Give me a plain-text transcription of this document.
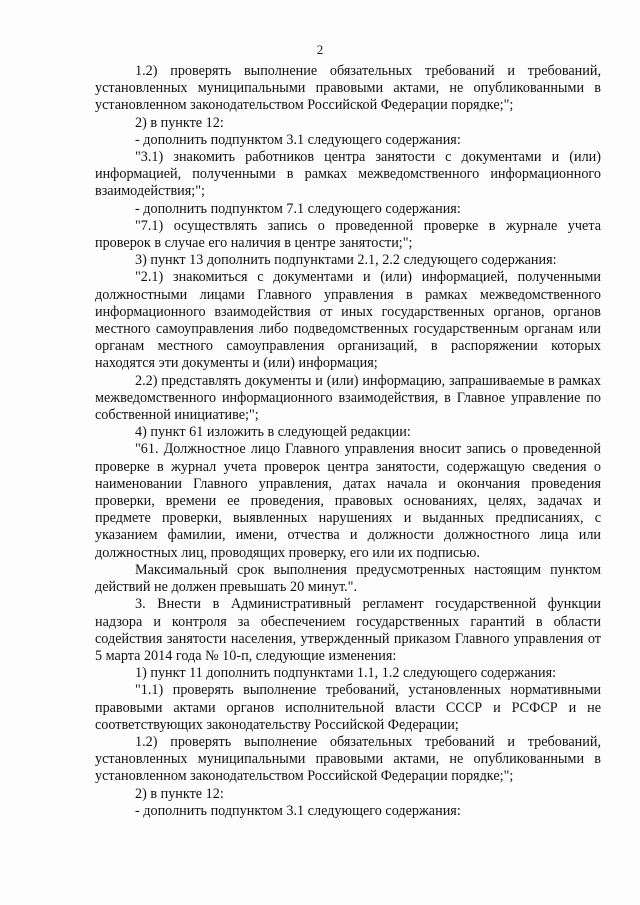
2

1.2) проверять выполнение обязательных требований и требований, установленных муниципальными правовыми актами, не опубликованными в установленном законодательством Российской Федерации порядке;";

2) в пункте 12:

- дополнить подпунктом 3.1 следующего содержания:

"3.1) знакомить работников центра занятости с документами и (или) информацией, полученными в рамках межведомственного информационного взаимодействия;";

- дополнить подпунктом 7.1 следующего содержания:

"7.1) осуществлять запись о проведенной проверке в журнале учета проверок в случае его наличия в центре занятости;";

3) пункт 13 дополнить подпунктами 2.1, 2.2 следующего содержания:

"2.1) знакомиться с документами и (или) информацией, полученными должностными лицами Главного управления в рамках межведомственного информационного взаимодействия от иных государственных органов, органов местного самоуправления либо подведомственных государственным органам или органам местного самоуправления организаций, в распоряжении которых находятся эти документы и (или) информация;

2.2) представлять документы и (или) информацию, запрашиваемые в рамках межведомственного информационного взаимодействия, в Главное управление по собственной инициативе;";

4) пункт 61 изложить в следующей редакции:

"61. Должностное лицо Главного управления вносит запись о проведенной проверке в журнал учета проверок центра занятости, содержащую сведения о наименовании Главного управления, датах начала и окончания проведения проверки, времени ее проведения, правовых основаниях, целях, задачах и предмете проверки, выявленных нарушениях и выданных предписаниях, с указанием фамилии, имени, отчества и должности должностного лица или должностных лиц, проводящих проверку, его или их подписью.

Максимальный срок выполнения предусмотренных настоящим пунктом действий не должен превышать 20 минут.".

3. Внести в Административный регламент государственной функции надзора и контроля за обеспечением государственных гарантий в области содействия занятости населения, утвержденный приказом Главного управления от 5 марта 2014 года № 10-п, следующие изменения:

1) пункт 11 дополнить подпунктами 1.1, 1.2 следующего содержания:

"1.1) проверять выполнение требований, установленных нормативными правовыми актами органов исполнительной власти СССР и РСФСР и не соответствующих законодательству Российской Федерации;

1.2) проверять выполнение обязательных требований и требований, установленных муниципальными правовыми актами, не опубликованными в установленном законодательством Российской Федерации порядке;";

2) в пункте 12:

- дополнить подпунктом 3.1 следующего содержания:
